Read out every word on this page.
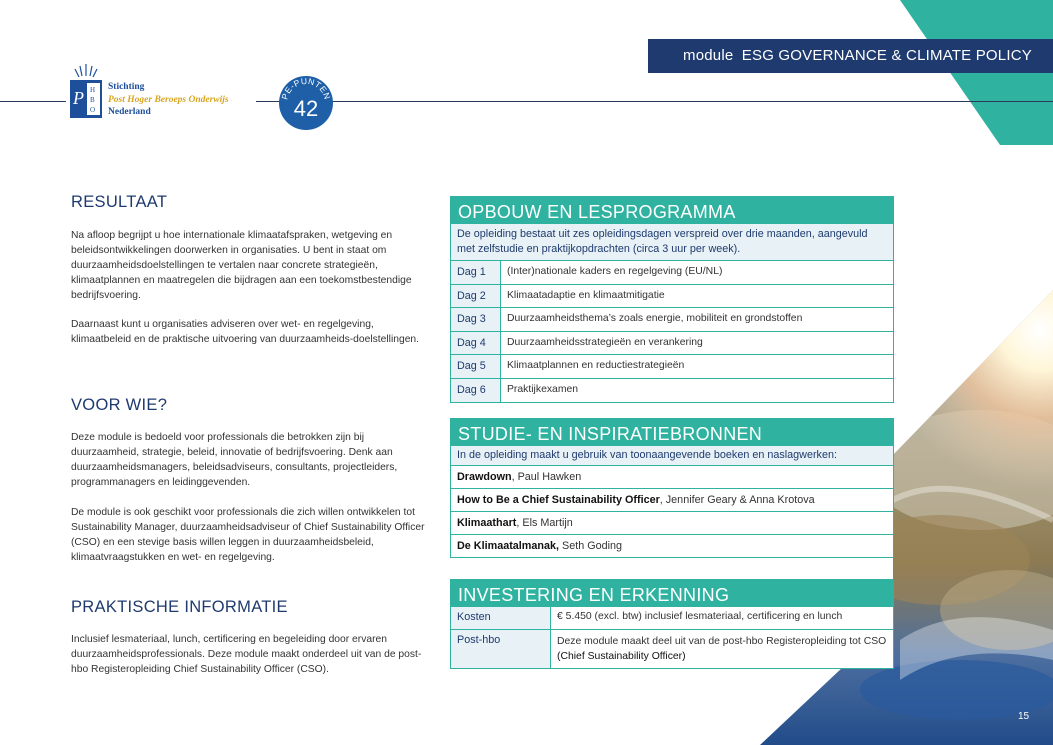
module ESG GOVERNANCE & CLIMATE POLICY
P H
B
O
Stichting
Post Hoger Beroeps Onderwijs
Nederland
PE-PUNTEN
42
RESULTAAT
Na afloop begrijpt u hoe internationale klimaatafspraken, wetgeving en beleidsontwikkelingen doorwerken in organisaties. U bent in staat om duurzaamheidsdoelstellingen te vertalen naar concrete strategieën, klimaatplannen en maatregelen die bijdragen aan een toekomstbestendige bedrijfsvoering.
Daarnaast kunt u organisaties adviseren over wet- en regelgeving, klimaatbeleid en de praktische uitvoering van duurzaamheids-doelstellingen.
VOOR WIE?
Deze module is bedoeld voor professionals die betrokken zijn bij duurzaamheid, strategie, beleid, innovatie of bedrijfsvoering. Denk aan duurzaamheidsmanagers, beleidsadviseurs, consultants, projectleiders, programmanagers en leidinggevenden.
De module is ook geschikt voor professionals die zich willen ontwikkelen tot Sustainability Manager, duurzaamheidsadviseur of Chief Sustainability Officer (CSO) en een stevige basis willen leggen in duurzaamheidsbeleid, klimaatvraagstukken en wet- en regelgeving.
PRAKTISCHE INFORMATIE
Inclusief lesmateriaal, lunch, certificering en begeleiding door ervaren duurzaamheidsprofessionals. Deze module maakt onderdeel uit van de post-hbo Registeropleiding Chief Sustainability Officer (CSO).
OPBOUW EN LESPROGRAMMA
De opleiding bestaat uit zes opleidingsdagen verspreid over drie maanden, aangevuld met zelfstudie en praktijkopdrachten (circa 3 uur per week).
Dag 1	(Inter)nationale kaders en regelgeving (EU/NL)
Dag 2	Klimaatadaptie en klimaatmitigatie
Dag 3	Duurzaamheidsthema’s zoals energie, mobiliteit en grondstoffen
Dag 4	Duurzaamheidsstrategieën en verankering
Dag 5	Klimaatplannen en reductiestrategieën
Dag 6	Praktijkexamen
STUDIE- EN INSPIRATIEBRONNEN
In de opleiding maakt u gebruik van toonaangevende boeken en naslagwerken:
Drawdown, Paul Hawken
How to Be a Chief Sustainability Officer, Jennifer Geary & Anna Krotova
Klimaathart, Els Martijn
De Klimaatalmanak, Seth Goding
INVESTERING EN ERKENNING
Kosten	€ 5.450 (excl. btw) inclusief lesmateriaal, certificering en lunch
Post-hbo	Deze module maakt deel uit van de post-hbo Registeropleiding tot CSO (Chief Sustainability Officer)
15
